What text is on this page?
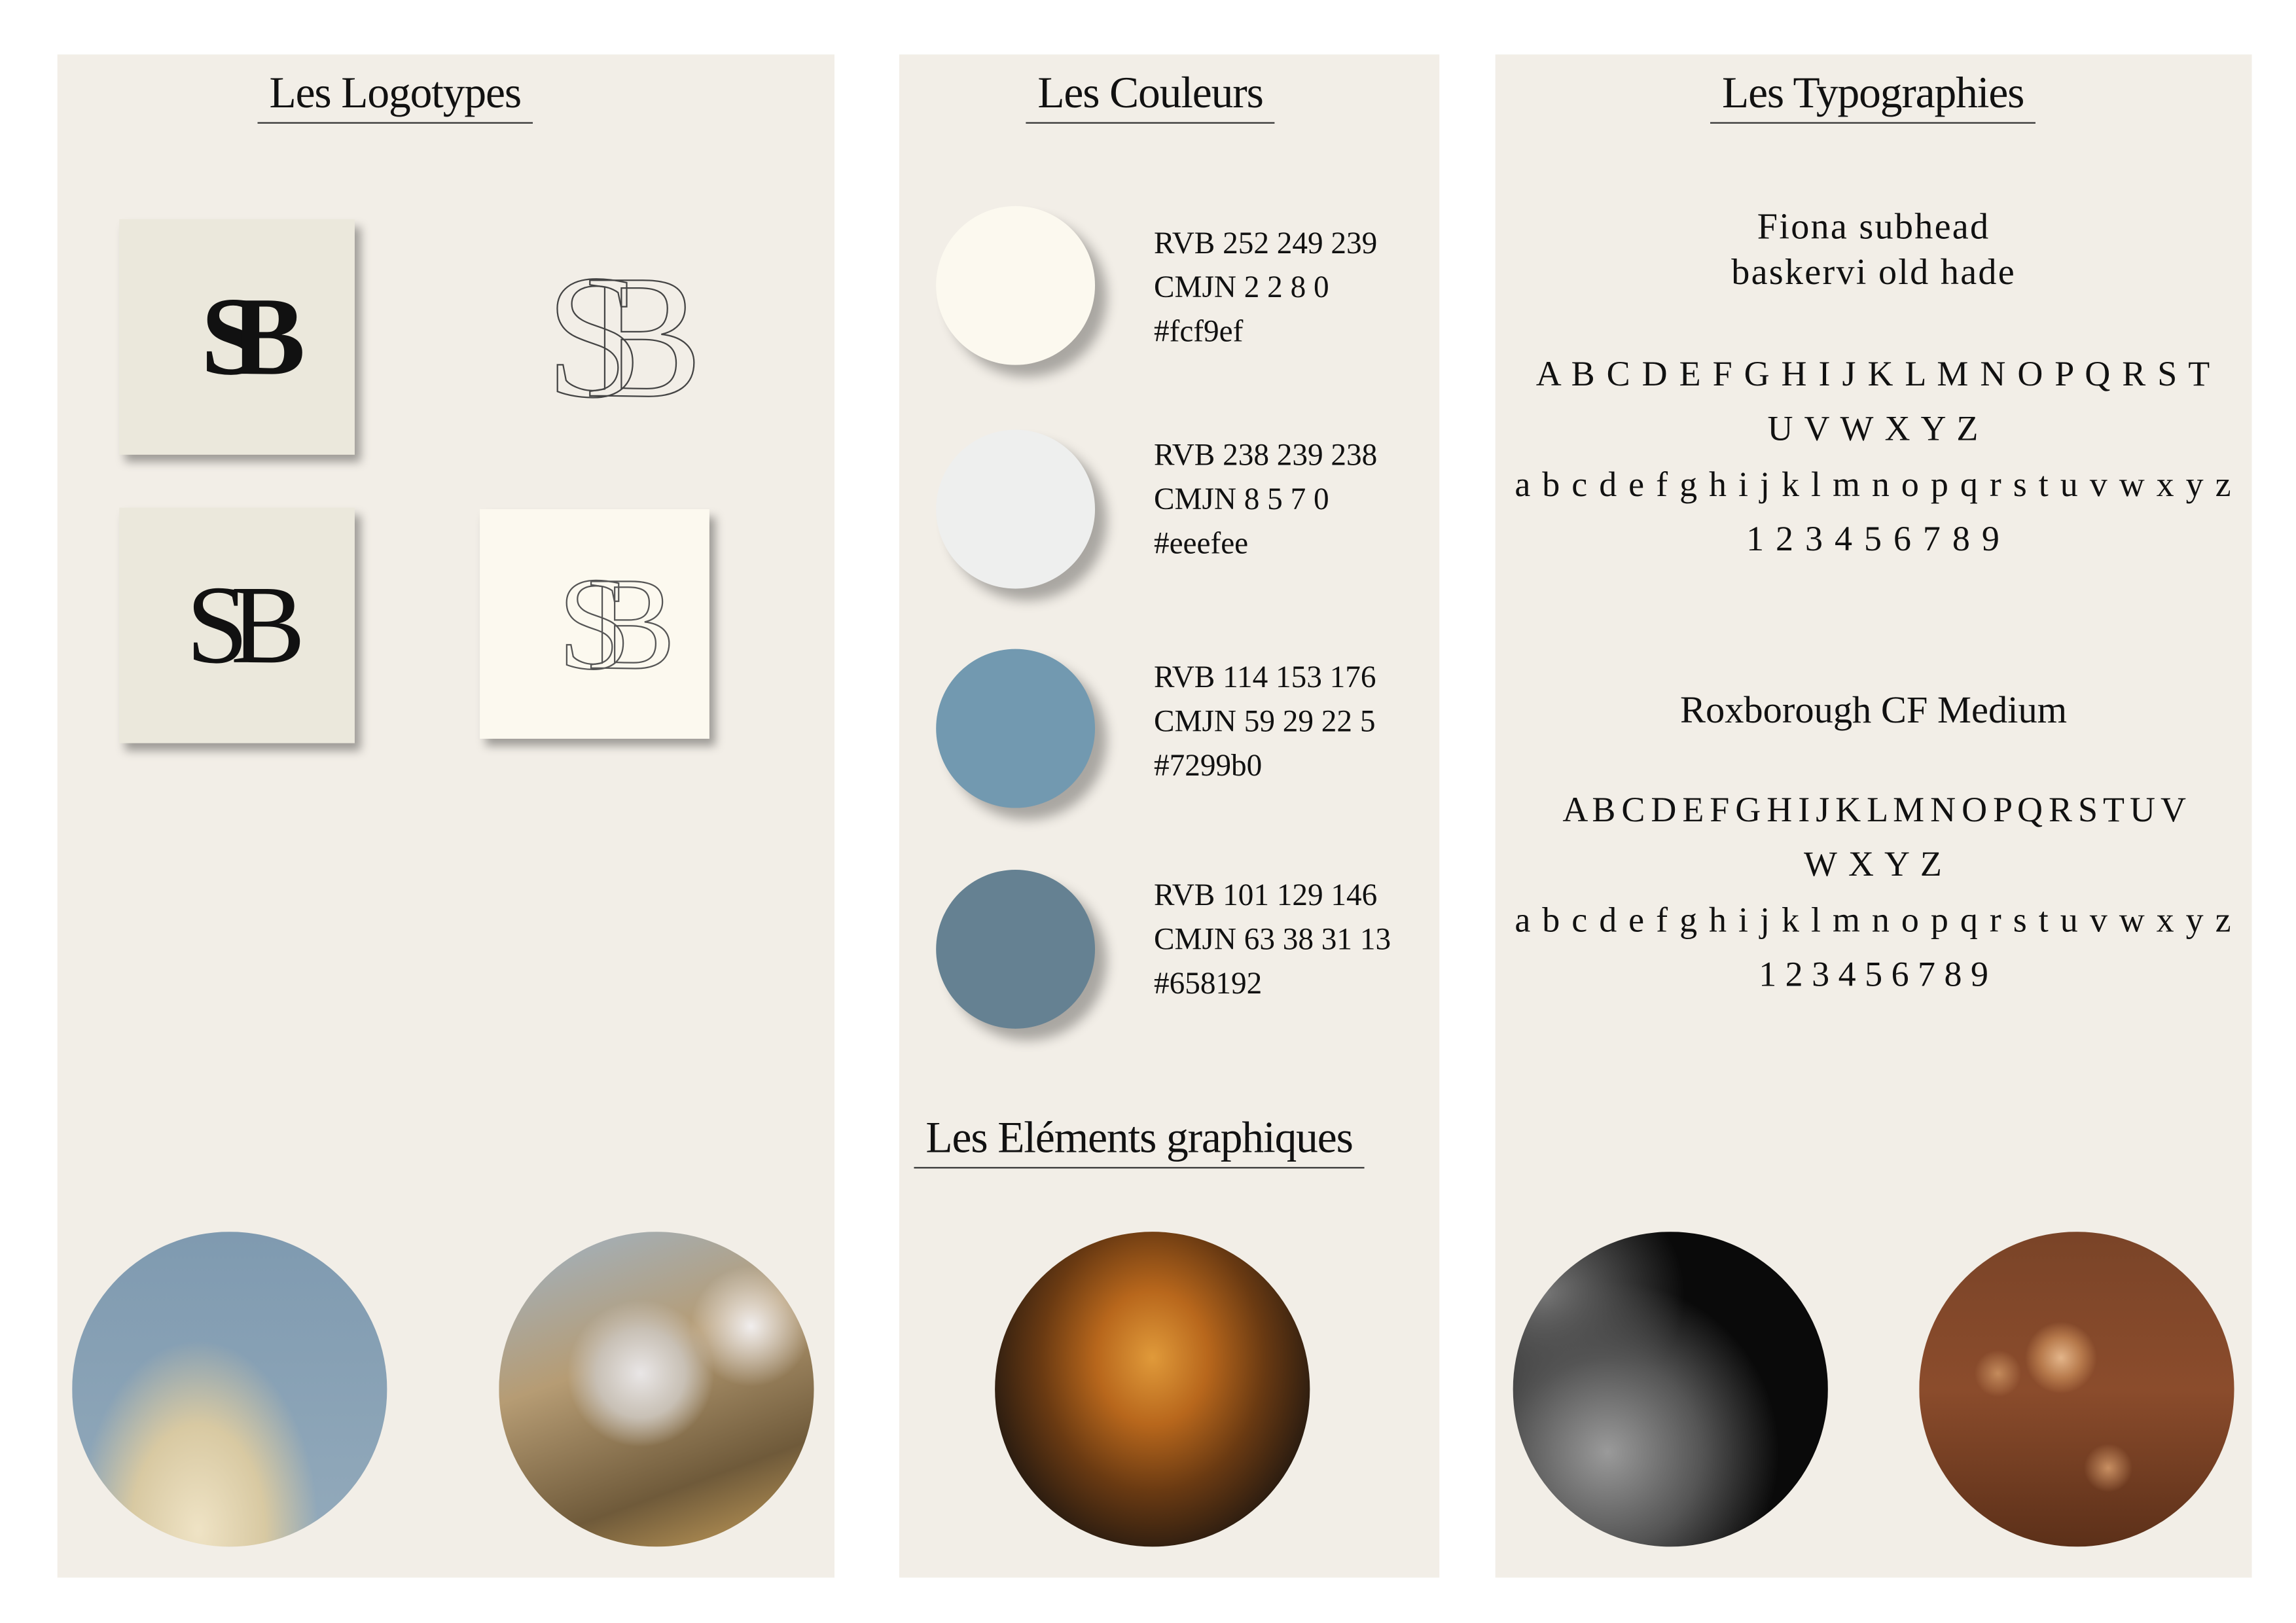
Les Logotypes
SB	SB
SB	SB
Les Couleurs
RVB 252 249 239
CMJN 2 2 8 0
#fcf9ef
RVB 238 239 238
CMJN 8 5 7 0
#eeefee
RVB 114 153 176
CMJN 59 29 22 5
#7299b0
RVB 101 129 146
CMJN 63 38 31 13
#658192
Les Eléments graphiques
Les Typographies
Fiona subhead
baskervi old hade
A B C D E F G H I J K L M N O P Q R S T
U V W X Y Z
a b c d e f g h i j k l m n o p q r s t u v w x y z
1 2 3 4 5 6 7 8 9
Roxborough CF Medium
A B C D E F G H I J K L M N O P Q R S T U V
W X Y Z
a b c d e f g h i j k l m n o p q r s t u v w x y z
1 2 3 4 5 6 7 8 9
